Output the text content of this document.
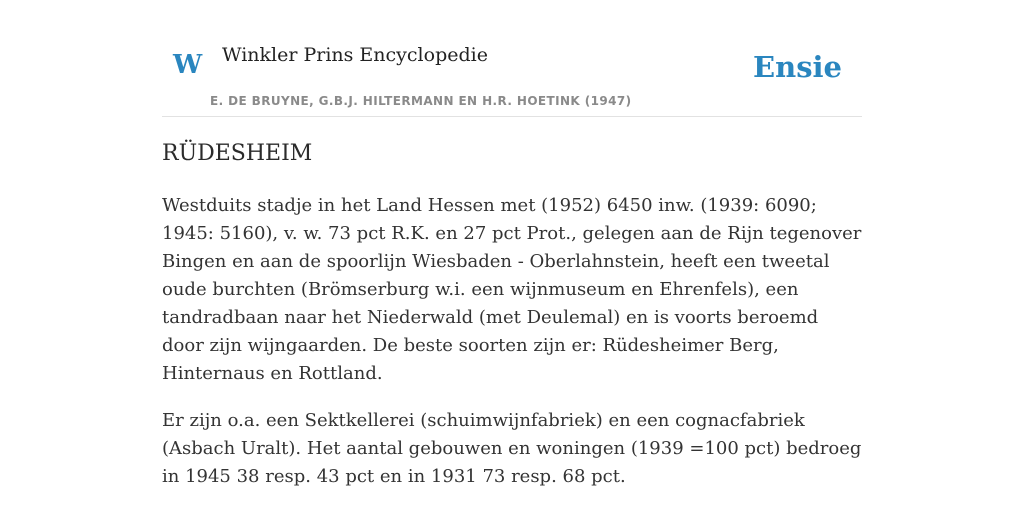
W Winkler Prins Encyclopedie
E. DE BRUYNE, G.B.J. HILTERMANN EN H.R. HOETINK (1947)
Ensie
RÜDESHEIM

Westduits stadje in het Land Hessen met (1952) 6450 inw. (1939: 6090; 1945: 5160), v. w. 73 pct R.K. en 27 pct Prot., gelegen aan de Rijn tegenover Bingen en aan de spoorlijn Wiesbaden - Oberlahnstein, heeft een tweetal oude burchten (Brömserburg w.i. een wijnmuseum en Ehrenfels), een tandradbaan naar het Niederwald (met Deulemal) en is voorts beroemd door zijn wijngaarden. De beste soorten zijn er: Rüdesheimer Berg, Hinternaus en Rottland.

Er zijn o.a. een Sektkellerei (schuimwijnfabriek) en een cognacfabriek (Asbach Uralt). Het aantal gebouwen en woningen (1939 =100 pct) bedroeg in 1945 38 resp. 43 pct en in 1931 73 resp. 68 pct.
